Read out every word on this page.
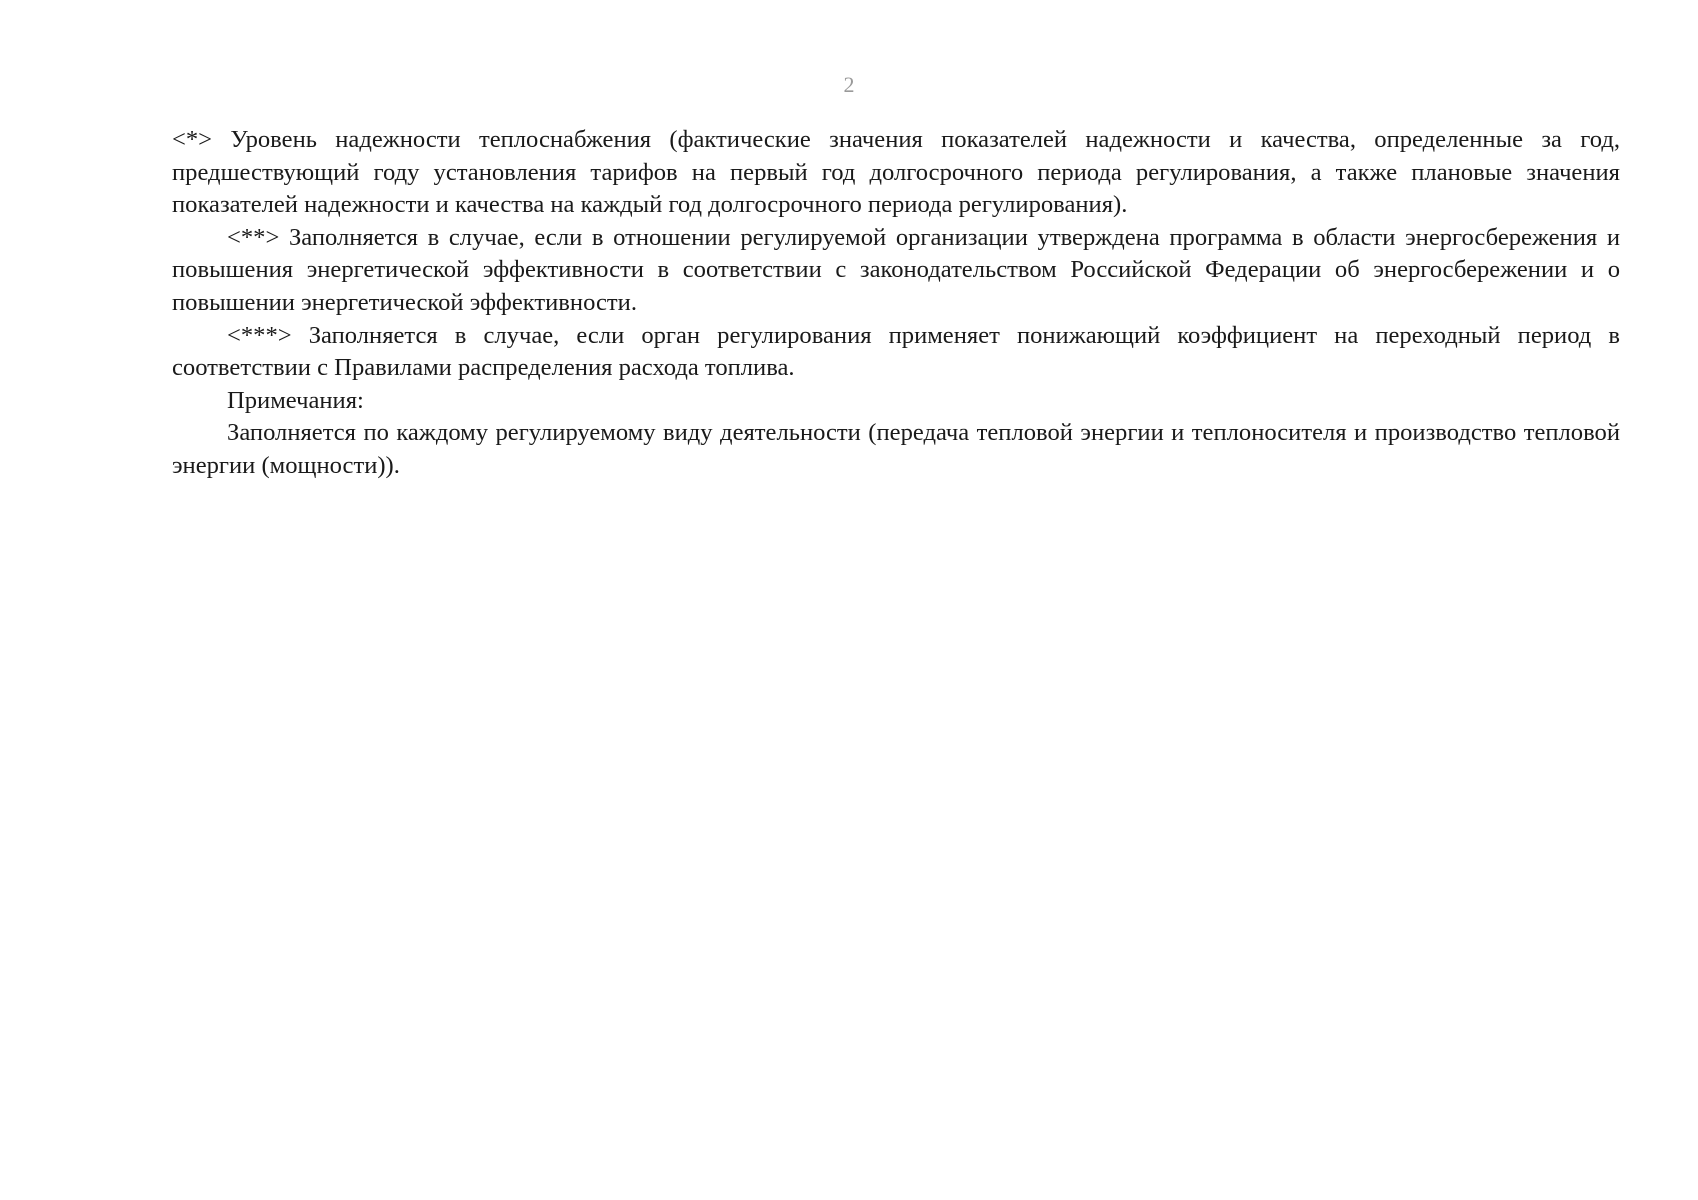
2

<*> Уровень надежности теплоснабжения (фактические значения показателей надежности и качества, определенные за год, предшествующий году установления тарифов на первый год долгосрочного периода регулирования, а также плановые значения показателей надежности и качества на каждый год долгосрочного периода регулирования).

<**> Заполняется в случае, если в отношении регулируемой организации утверждена программа в области энергосбережения и повышения энергетической эффективности в соответствии с законодательством Российской Федерации об энергосбережении и о повышении энергетической эффективности.

<***> Заполняется в случае, если орган регулирования применяет понижающий коэффициент на переходный период в соответствии с Правилами распределения расхода топлива.

Примечания:

Заполняется по каждому регулируемому виду деятельности (передача тепловой энергии и теплоносителя и производство тепловой энергии (мощности)).
